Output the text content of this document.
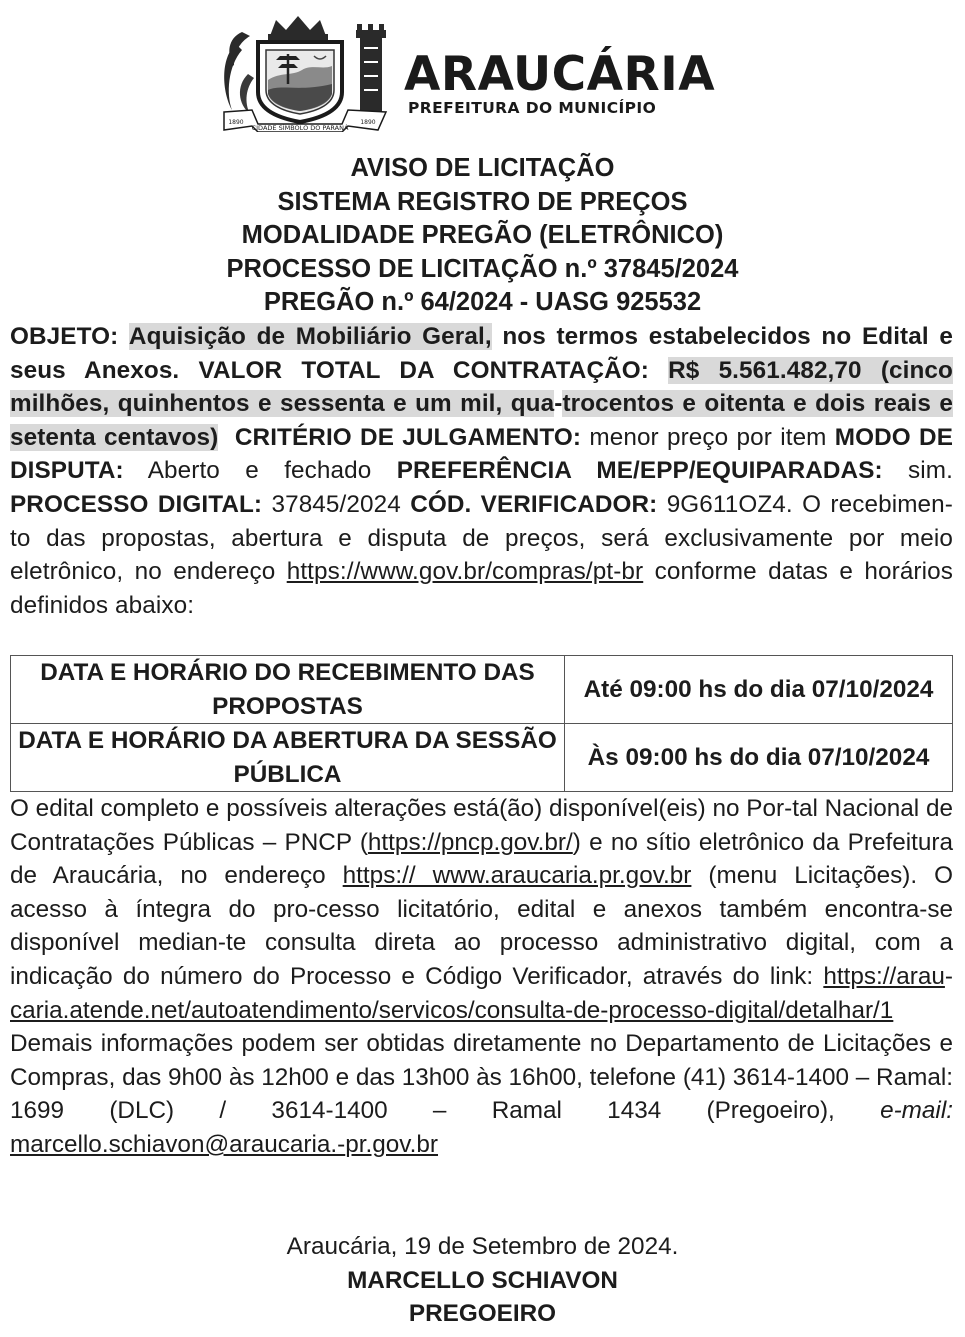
CIDADE SÍMBOLO DO PARANÁ
1890	1890
ARAUCÁRIA
PREFEITURA DO MUNICÍPIO
AVISO DE LICITAÇÃO
SISTEMA REGISTRO DE PREÇOS
MODALIDADE PREGÃO (ELETRÔNICO)
PROCESSO DE LICITAÇÃO n.º 37845/2024
PREGÃO n.º 64/2024 - UASG 925532
OBJETO: Aquisição de Mobiliário Geral, nos termos estabelecidos no Edital e seus Anexos. VALOR TOTAL DA CONTRATAÇÃO: R$ 5.561.482,70 (cinco milhões, quinhentos e sessenta e um mil, qua-trocentos e oitenta e dois reais e setenta centavos) CRITÉRIO DE JULGAMENTO: menor preço por item MODO DE DISPUTA: Aberto e fechado PREFERÊNCIA ME/EPP/EQUIPARADAS: sim. PROCESSO DIGITAL: 37845/2024 CÓD. VERIFICADOR: 9G611OZ4. O recebimen-to das propostas, abertura e disputa de preços, será exclusivamente por meio eletrônico, no endereço https://www.gov.br/compras/pt-br conforme datas e horários definidos abaixo:
DATA E HORÁRIO DO RECEBIMENTO DAS PROPOSTAS	Até 09:00 hs do dia 07/10/2024
DATA E HORÁRIO DA ABERTURA DA SESSÃO PÚBLICA	Às 09:00 hs do dia 07/10/2024
O edital completo e possíveis alterações está(ão) disponível(eis) no Por-tal Nacional de Contratações Públicas – PNCP (https://pncp.gov.br/) e no sítio eletrônico da Prefeitura de Araucária, no endereço https:// www.araucaria.pr.gov.br (menu Licitações). O acesso à íntegra do pro-cesso licitatório, edital e anexos também encontra-se disponível median-te consulta direta ao processo administrativo digital, com a indicação do número do Processo e Código Verificador, através do link: https://arau-caria.atende.net/autoatendimento/servicos/consulta-de-processo-digital/detalhar/1  Demais informações podem ser obtidas diretamente no Departamento de Licitações e Compras, das 9h00 às 12h00 e das 13h00 às 16h00, telefone (41) 3614-1400 – Ramal: 1699 (DLC) / 3614-1400 – Ramal 1434 (Pregoeiro), e-mail: marcello.schiavon@araucaria.-pr.gov.br
Araucária, 19 de Setembro de 2024.
MARCELLO SCHIAVON
PREGOEIRO
